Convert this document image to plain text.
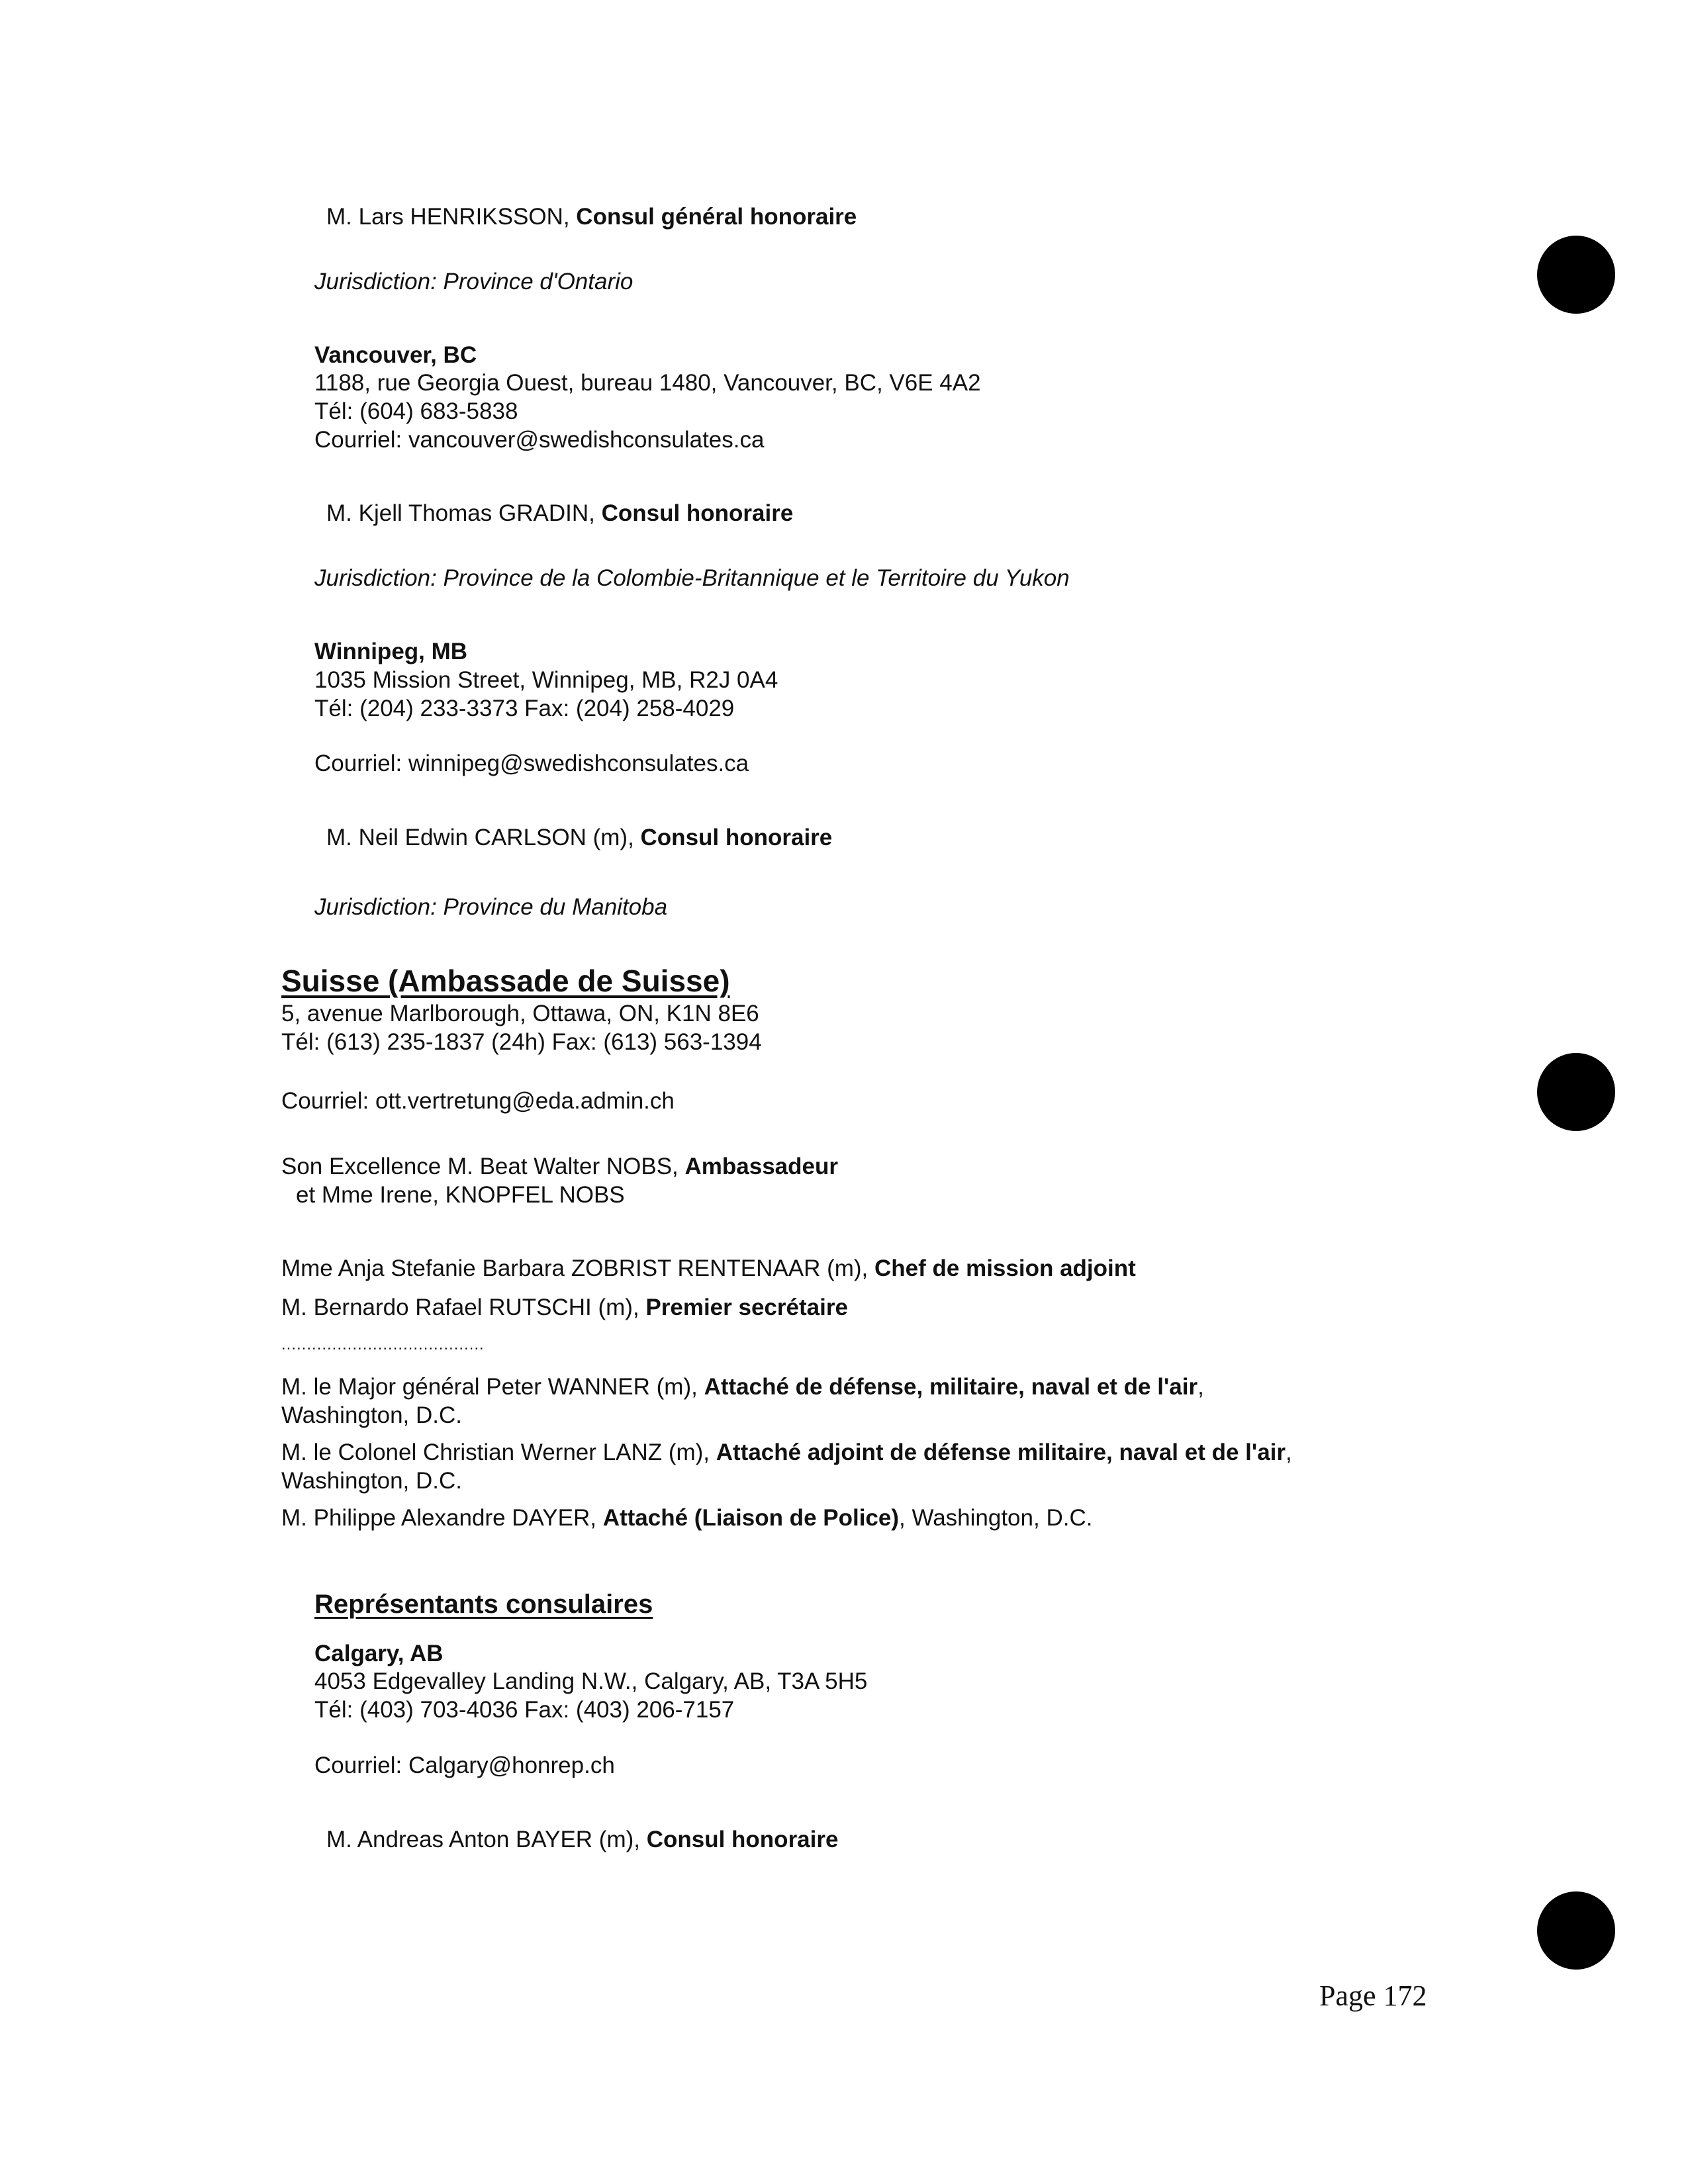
M. Lars HENRIKSSON, Consul général honoraire
Jurisdiction: Province d'Ontario
Vancouver, BC
1188, rue Georgia Ouest, bureau 1480, Vancouver, BC, V6E 4A2
Tél: (604) 683-5838
Courriel: vancouver@swedishconsulates.ca
M. Kjell Thomas GRADIN, Consul honoraire
Jurisdiction: Province de la Colombie-Britannique et le Territoire du Yukon
Winnipeg, MB
1035 Mission Street, Winnipeg, MB, R2J 0A4
Tél: (204) 233-3373 Fax: (204) 258-4029
Courriel: winnipeg@swedishconsulates.ca
M. Neil Edwin CARLSON (m), Consul honoraire
Jurisdiction: Province du Manitoba
Suisse (Ambassade de Suisse)
5, avenue Marlborough, Ottawa, ON, K1N 8E6
Tél: (613) 235-1837 (24h) Fax: (613) 563-1394
Courriel: ott.vertretung@eda.admin.ch
Son Excellence M. Beat Walter NOBS, Ambassadeur
et Mme Irene, KNOPFEL NOBS
Mme Anja Stefanie Barbara ZOBRIST RENTENAAR (m), Chef de mission adjoint
M. Bernardo Rafael RUTSCHI (m), Premier secrétaire
........................................
M. le Major général Peter WANNER (m), Attaché de défense, militaire, naval et de l'air,
Washington, D.C.
M. le Colonel Christian Werner LANZ (m), Attaché adjoint de défense militaire, naval et de l'air,
Washington, D.C.
M. Philippe Alexandre DAYER, Attaché (Liaison de Police), Washington, D.C.
Représentants consulaires
Calgary, AB
4053 Edgevalley Landing N.W., Calgary, AB, T3A 5H5
Tél: (403) 703-4036 Fax: (403) 206-7157
Courriel: Calgary@honrep.ch
M. Andreas Anton BAYER (m), Consul honoraire
Page 172
